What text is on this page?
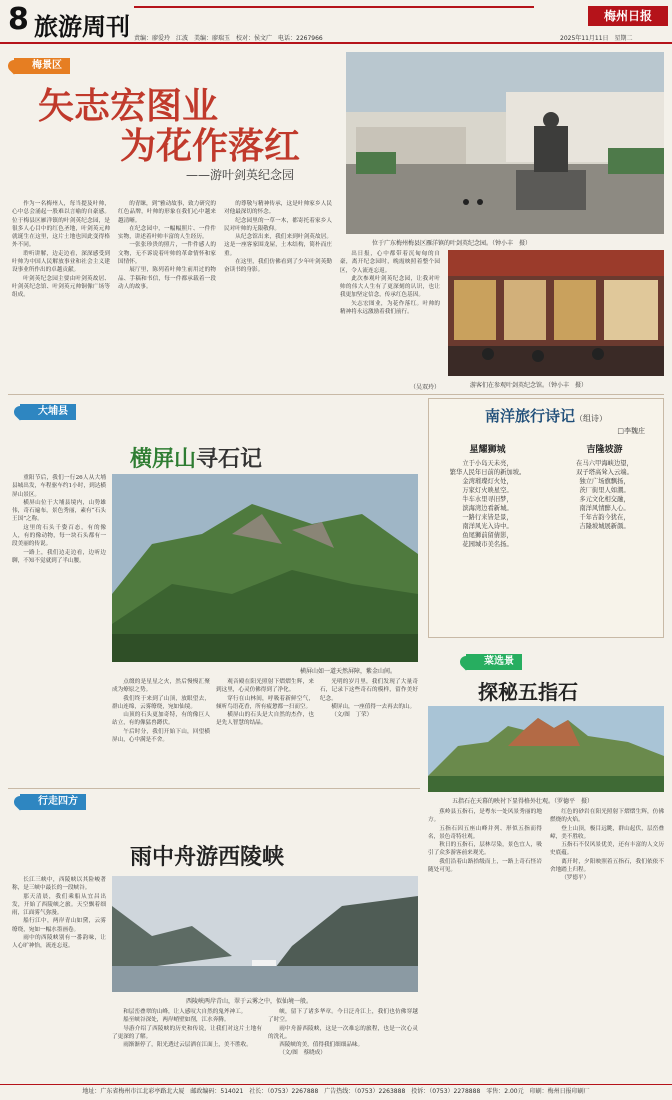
8 旅游周刊 责编：廖爱玲　江波　美编：廖瑞玉　校对：侯文广　电话：2267966
梅州日报
2025年11月11日　星期二
梅景区
矢志宏图业
为花作落红
——游叶剑英纪念园
位于广东梅州梅县区雁洋镇的叶剑英纪念园。（钟小丰　摄）
游客们在参观叶剑英纪念馆。（钟小丰　摄）

作为一名梅州人，每当提及叶帅，心中总会涌起一股难以言喻的自豪感。位于梅县区雁洋镇的叶剑英纪念园，是很多人心目中的红色圣地，叶剑英元帅就诞生在这里，这片土地也因此变得格外不同。

聆听讲解，边走边看，深深感受到叶帅为中国人民解放事业和社会主义建设事业所作出的卓越贡献。

叶剑英纪念园主要由叶剑英故居、叶剑英纪念馆、叶剑英元帅铜像广场等组成。

的青睐，到“雅动故事，致力研究的红色品牌，叶帅的形象在我们心中越来越清晰。

在纪念园中，一幅幅照片、一件件实物，讲述着叶帅丰富的人生经历。

一张张珍贵的照片，一件件感人的文物，无不诉说着叶帅的革命情怀和家国情怀。

展厅里，陈列着叶帅生前用过的物品、手稿和书信，每一件都承载着一段动人的故事。

的尊敬与精神传承，这是叶帅家乡人民对他最深切的怀念。

纪念园里的一草一木，都寄托着家乡人民对叶帅的无限敬仰。

从纪念馆出来，我们来到叶剑英故居。这是一座客家围龙屋，土木结构，简朴而庄重。

在这里，我们仿佛看到了少年叶剑英勤奋读书的身影。

出日报，心中都带着沉甸甸的自豪，离开纪念园时，晚霞映照着整个园区，令人流连忘返。

此次参观叶剑英纪念园，让我对叶帅的伟大人生有了更深刻的认识，也让我更加坚定信念，传承红色基因。

矢志宏图业，为花作落红。叶帅的精神将永远激励着我们前行。

（吴双玲）
大埔县
横屏山 寻石记
横屏山如一道天然屏障，紫金山间。

重阳节后，我们一行26人从大埔县城出发，车程驱车约1小时，到达横屏山景区。

横屏山位于大埔县境内，山势雄伟，奇石遍布，景色秀丽，素有“石头王国”之称。

这里的石头千姿百态，有的像人，有的像动物，每一块石头都有一段美丽的传说。

一路上，我们边走边看，边听边聊，不知不觉就到了半山腰。

点缀的是星星之火，然后慢慢汇聚成为燎原之势。

我们终于来到了山顶，放眼望去，群山连绵，云雾缭绕，宛如仙境。

山顶的石头更加奇特，有的像巨人站立，有的像猛兽蹲伏。

午后时分，我们开始下山，回望横屏山，心中满是不舍。

观音殿在阳光照射下熠熠生辉，来到这里，心灵仿佛得到了净化。

穿行在山林间，呼吸着新鲜空气，倾听鸟语花香，所有疲惫都一扫而空。

横屏山的石头是大自然的杰作，也是先人智慧的结晶。

光明的岁月里，我们发现了大量奇石，记录下这些奇石的模样，留作美好纪念。

横屏山，一座值得一去再去的山。

（文/图　丁荣）

南洋旅行诗记（组诗）
□李魏庄
星耀狮城
立于小岛天未亮，
繁华人民年日前的新加坡。
金湾璀璨灯火处，
万家灯火映星空。
牛车水里寻旧梦，
滨海湾边看新城。
一路行来皆是景，
南洋风光入诗中。
鱼尾狮前留倩影，
花园城市美名扬。
吉隆坡游
在马六甲海峡边望，
双子塔高耸入云端。
独立广场旗飘扬，
茨厂街里人如潮。
多元文化相交融，
南洋风情醉人心。
千年古韵今犹在，
吉隆坡城展新颜。
菜选景
探秘五指石
五指石在天幕的映衬下显得格外壮观。（罗德平　摄）

蕉岭县五指石，是粤东一处风景秀丽的地方。

五指石因五座山峰并列、形似五指而得名，景色奇特壮观。

秋日的五指石，层林尽染，景色宜人，吸引了众多游客前来观光。

我们沿着山路拾级而上，一路上奇石怪岩随处可见。

红色的砂岩在阳光照射下熠熠生辉，仿佛燃烧的火焰。

登上山顶，极目远眺，群山起伏，层峦叠嶂，美不胜收。

五指石不仅风景优美，还有丰富的人文历史底蕴。

离开时，夕阳映照着五指石，我们依依不舍地踏上归程。

（罗德平）

行走四方
雨中舟游西陵峡
西陵峡两岸青山，翠于云雾之中，似仙境一般。

长江三峡中，西陵峡以其险峻著称，是三峡中最长的一段峡谷。

那天清晨，我们乘船从宜昌出发，开始了西陵峡之旅。天空飘着细雨，江面雾气弥漫。

船行江中，两岸青山如黛，云雾缭绕，宛如一幅水墨画卷。

雨中的西陵峡别有一番韵味，让人心旷神怡，流连忘返。

和层峦叠翠的山峰，让人感叹大自然的鬼斧神工。

船至峡谷深处，两岸峭壁如削，江水奔腾。

导游介绍了西陵峡的历史和传说，让我们对这片土地有了更深的了解。

雨渐渐停了，阳光透过云层洒在江面上，美不胜收。

峡，留下了诸多华章。今日泛舟江上，我们也仿佛穿越了时空。

雨中舟游西陵峡，这是一次难忘的旅程，也是一次心灵的洗礼。

西陵峡的美，值得我们细细品味。

（文/图　蔡晓成）

地址：广东省梅州市江北彩亭路北大厦　邮政编码：514021　社长：（0753）2267888　广告热线：（0753）2263888　投诉：（0753）2278888　零售：2.00元　印刷：梅州日报印刷厂
